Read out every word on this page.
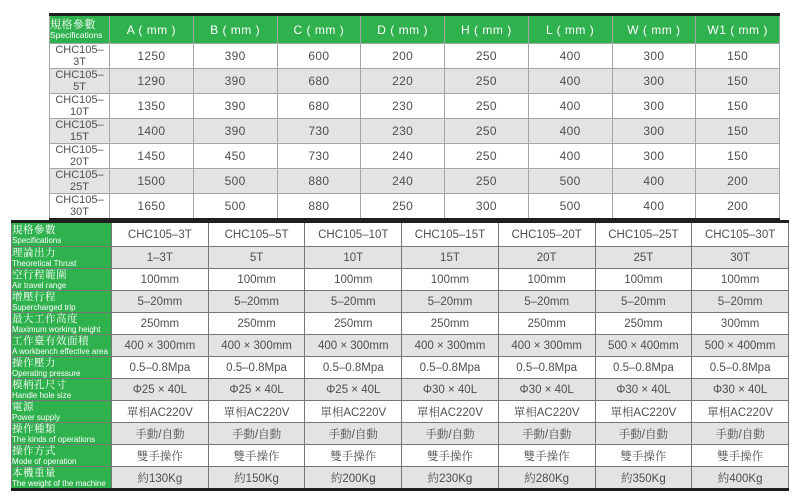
規格參數
Specifications	A ( mm )	B ( mm )	C ( mm )	D ( mm )	H ( mm )	L ( mm )	W ( mm )	W1 ( mm )
CHC105–3T	1250	390	600	200	250	400	300	150
CHC105–5T	1290	390	680	220	250	400	300	150
CHC105–10T	1350	390	680	230	250	400	300	150
CHC105–15T	1400	390	730	230	250	400	300	150
CHC105–20T	1450	450	730	240	250	400	300	150
CHC105–25T	1500	500	880	240	250	500	400	200
CHC105–30T	1650	500	880	250	300	500	400	200
規格參數
Specifications	CHC105–3T	CHC105–5T	CHC105–10T	CHC105–15T	CHC105–20T	CHC105–25T	CHC105–30T

理論出力
Theoretical Thrust	1–3T	5T	10T	15T	20T	25T	30T

空行程範圍
Air travel range	100mm	100mm	100mm	100mm	100mm	100mm	100mm

增壓行程
Supercharged trip	5–20mm	5–20mm	5–20mm	5–20mm	5–20mm	5–20mm	5–20mm

最大工作高度
Maximum working height	250mm	250mm	250mm	250mm	250mm	250mm	300mm

工作臺有效面積
A workbench effective area	400 × 300mm	400 × 300mm	400 × 300mm	400 × 300mm	400 × 300mm	500 × 400mm	500 × 400mm

操作壓力
Operating pressure	0.5–0.8Mpa	0.5–0.8Mpa	0.5–0.8Mpa	0.5–0.8Mpa	0.5–0.8Mpa	0.5–0.8Mpa	0.5–0.8Mpa

模柄孔尺寸
Handle hole size	Φ25 × 40L	Φ25 × 40L	Φ25 × 40L	Φ30 × 40L	Φ30 × 40L	Φ30 × 40L	Φ30 × 40L

電源
Power supply	單相AC220V	單相AC220V	單相AC220V	單相AC220V	單相AC220V	單相AC220V	單相AC220V

操作種類
The kinds of operations	手動/自動	手動/自動	手動/自動	手動/自動	手動/自動	手動/自動	手動/自動

操作方式
Mode of operation	雙手操作	雙手操作	雙手操作	雙手操作	雙手操作	雙手操作	雙手操作

本機重量
The weight of the machine	約130Kg	約150Kg	約200Kg	約230Kg	約280Kg	約350Kg	約400Kg
